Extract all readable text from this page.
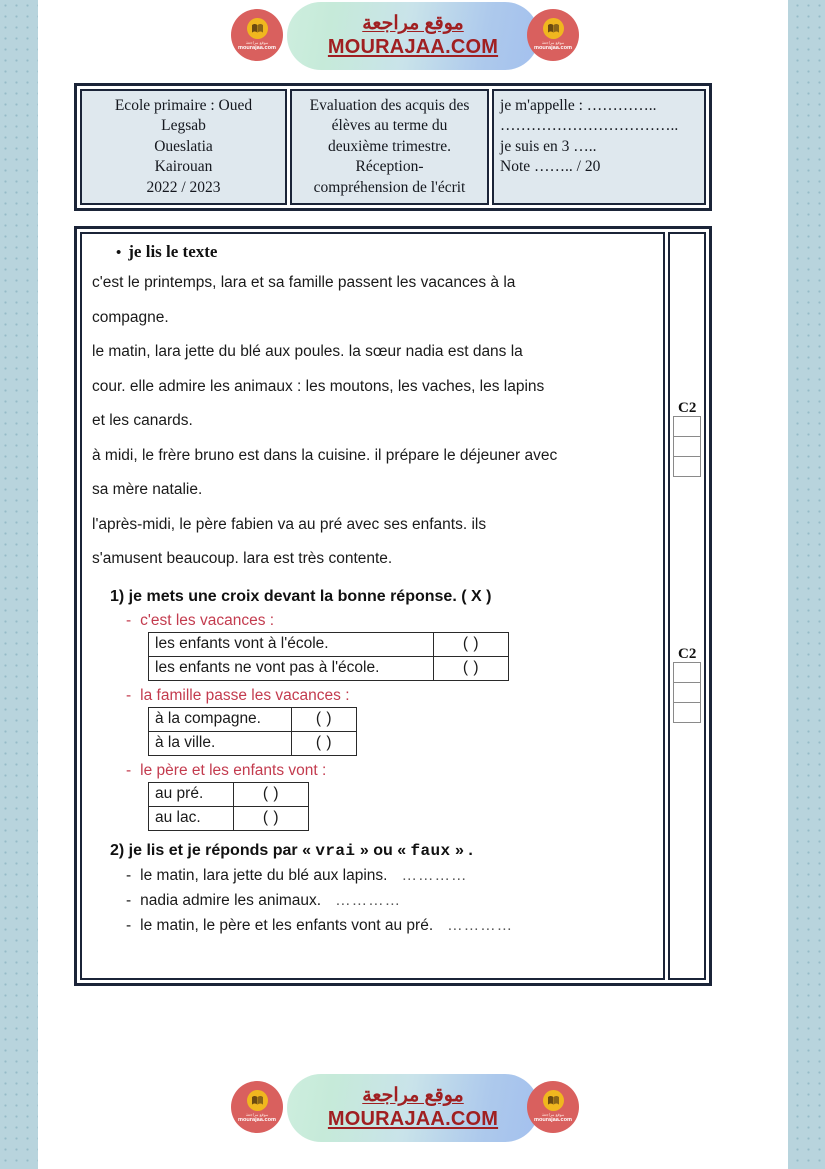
موقع مراجعة
mourajaa.com
موقع مراجعة
MOURAJAA.COM	موقع مراجعة
mourajaa.com
Ecole primaire : Oued
Legsab
Oueslatia
Kairouan
2022 / 2023
Evaluation des acquis des
élèves au terme du
deuxième trimestre.
Réception-
compréhension de l'écrit
je m'appelle : …………..
……………………………..
je suis en 3 …..
Note …….. / 20
• je lis le texte

c'est le printemps, lara et sa famille passent les vacances à la

compagne.

le matin, lara jette du blé aux poules. la sœur nadia est dans la

cour. elle admire les animaux : les moutons, les vaches, les lapins

et les canards.

à midi, le frère bruno est dans la cuisine. il prépare le déjeuner avec

sa mère natalie.

l'après-midi, le père fabien va au pré avec ses enfants. ils

s'amusent beaucoup. lara est très contente.

1) je mets une croix devant la bonne réponse. ( X )
- c'est les vacances :
les enfants vont à l'école.	( )
les enfants ne vont pas à l'école.	( )
- la famille passe les vacances :
à la compagne.	( )
à la ville.	( )
- le père et les enfants vont :
au pré.	( )
au lac.	( )
2) je lis et je réponds par « vrai » ou « faux » .
- le matin, lara jette du blé aux lapins. …………
- nadia admire les animaux. …………
- le matin, le père et les enfants vont au pré. …………
C2
C2
موقع مراجعة
mourajaa.com
موقع مراجعة
MOURAJAA.COM	موقع مراجعة
mourajaa.com
